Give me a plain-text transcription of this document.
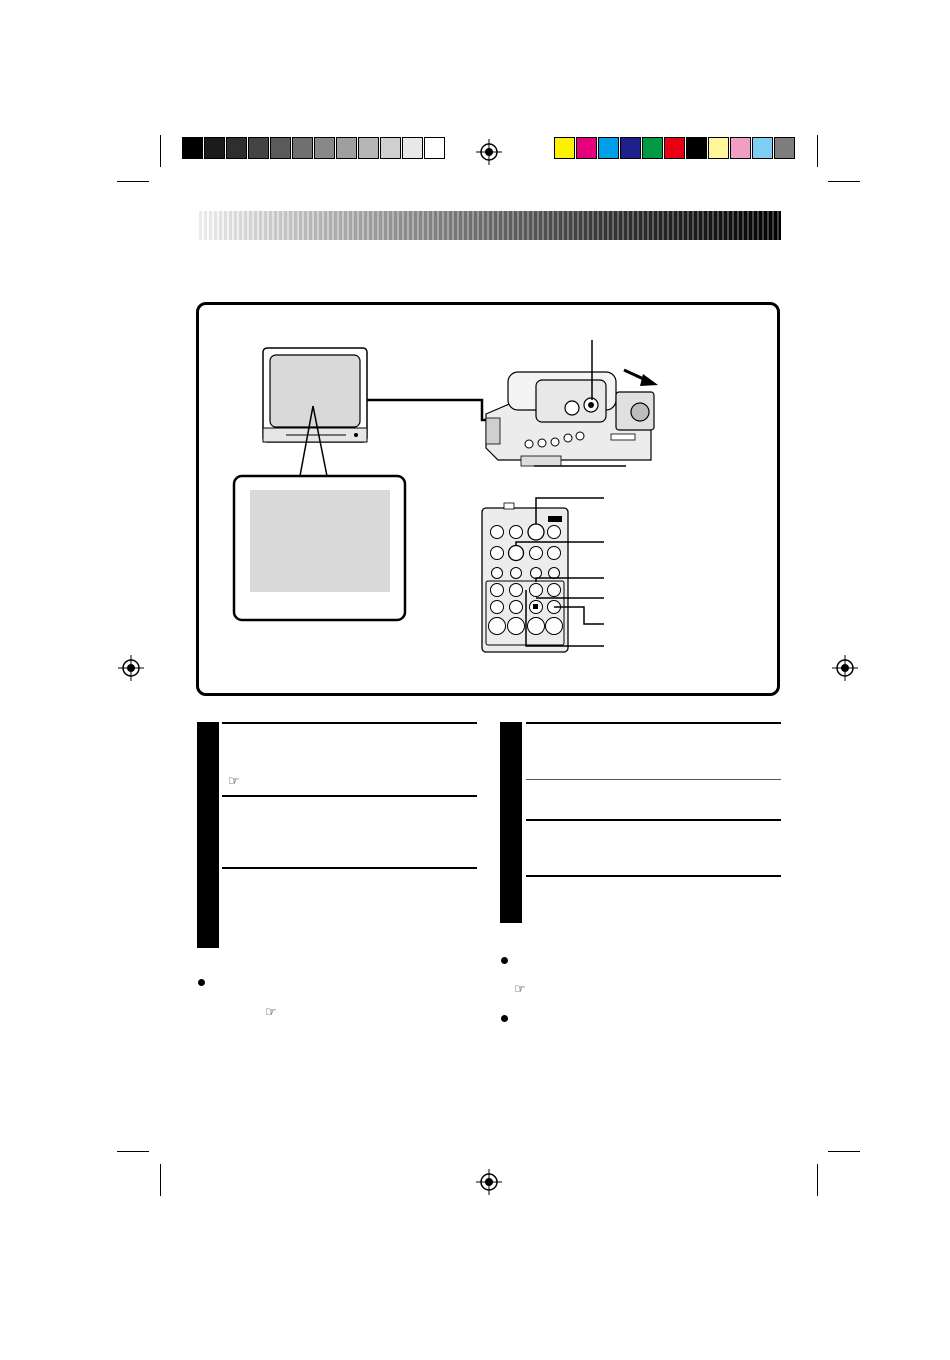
☞
☞
☞
